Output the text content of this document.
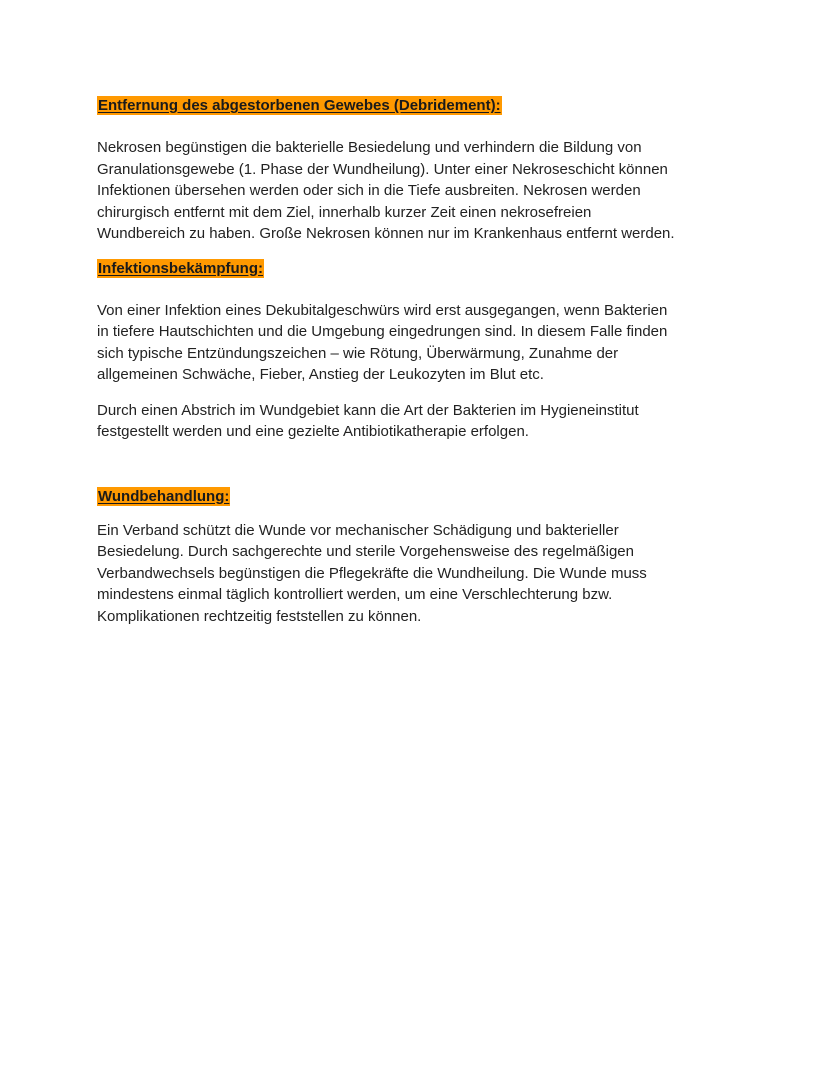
Entfernung des abgestorbenen Gewebes (Debridement):

Nekrosen begünstigen die bakterielle Besiedelung und verhindern die Bildung von
Granulationsgewebe (1. Phase der Wundheilung). Unter einer Nekroseschicht können
Infektionen übersehen werden oder sich in die Tiefe ausbreiten. Nekrosen werden
chirurgisch entfernt mit dem Ziel, innerhalb kurzer Zeit einen nekrosefreien
Wundbereich zu haben. Große Nekrosen können nur im Krankenhaus entfernt werden.

Infektionsbekämpfung:

Von einer Infektion eines Dekubitalgeschwürs wird erst ausgegangen, wenn Bakterien
in tiefere Hautschichten und die Umgebung eingedrungen sind. In diesem Falle finden
sich typische Entzündungszeichen – wie Rötung, Überwärmung, Zunahme der
allgemeinen Schwäche, Fieber, Anstieg der Leukozyten im Blut etc.

Durch einen Abstrich im Wundgebiet kann die Art der Bakterien im Hygieneinstitut
festgestellt werden und eine gezielte Antibiotikatherapie erfolgen.

Wundbehandlung:

Ein Verband schützt die Wunde vor mechanischer Schädigung und bakterieller
Besiedelung. Durch sachgerechte und sterile Vorgehensweise des regelmäßigen
Verbandwechsels begünstigen die Pflegekräfte die Wundheilung. Die Wunde muss
mindestens einmal täglich kontrolliert werden, um eine Verschlechterung bzw.
Komplikationen rechtzeitig feststellen zu können.
